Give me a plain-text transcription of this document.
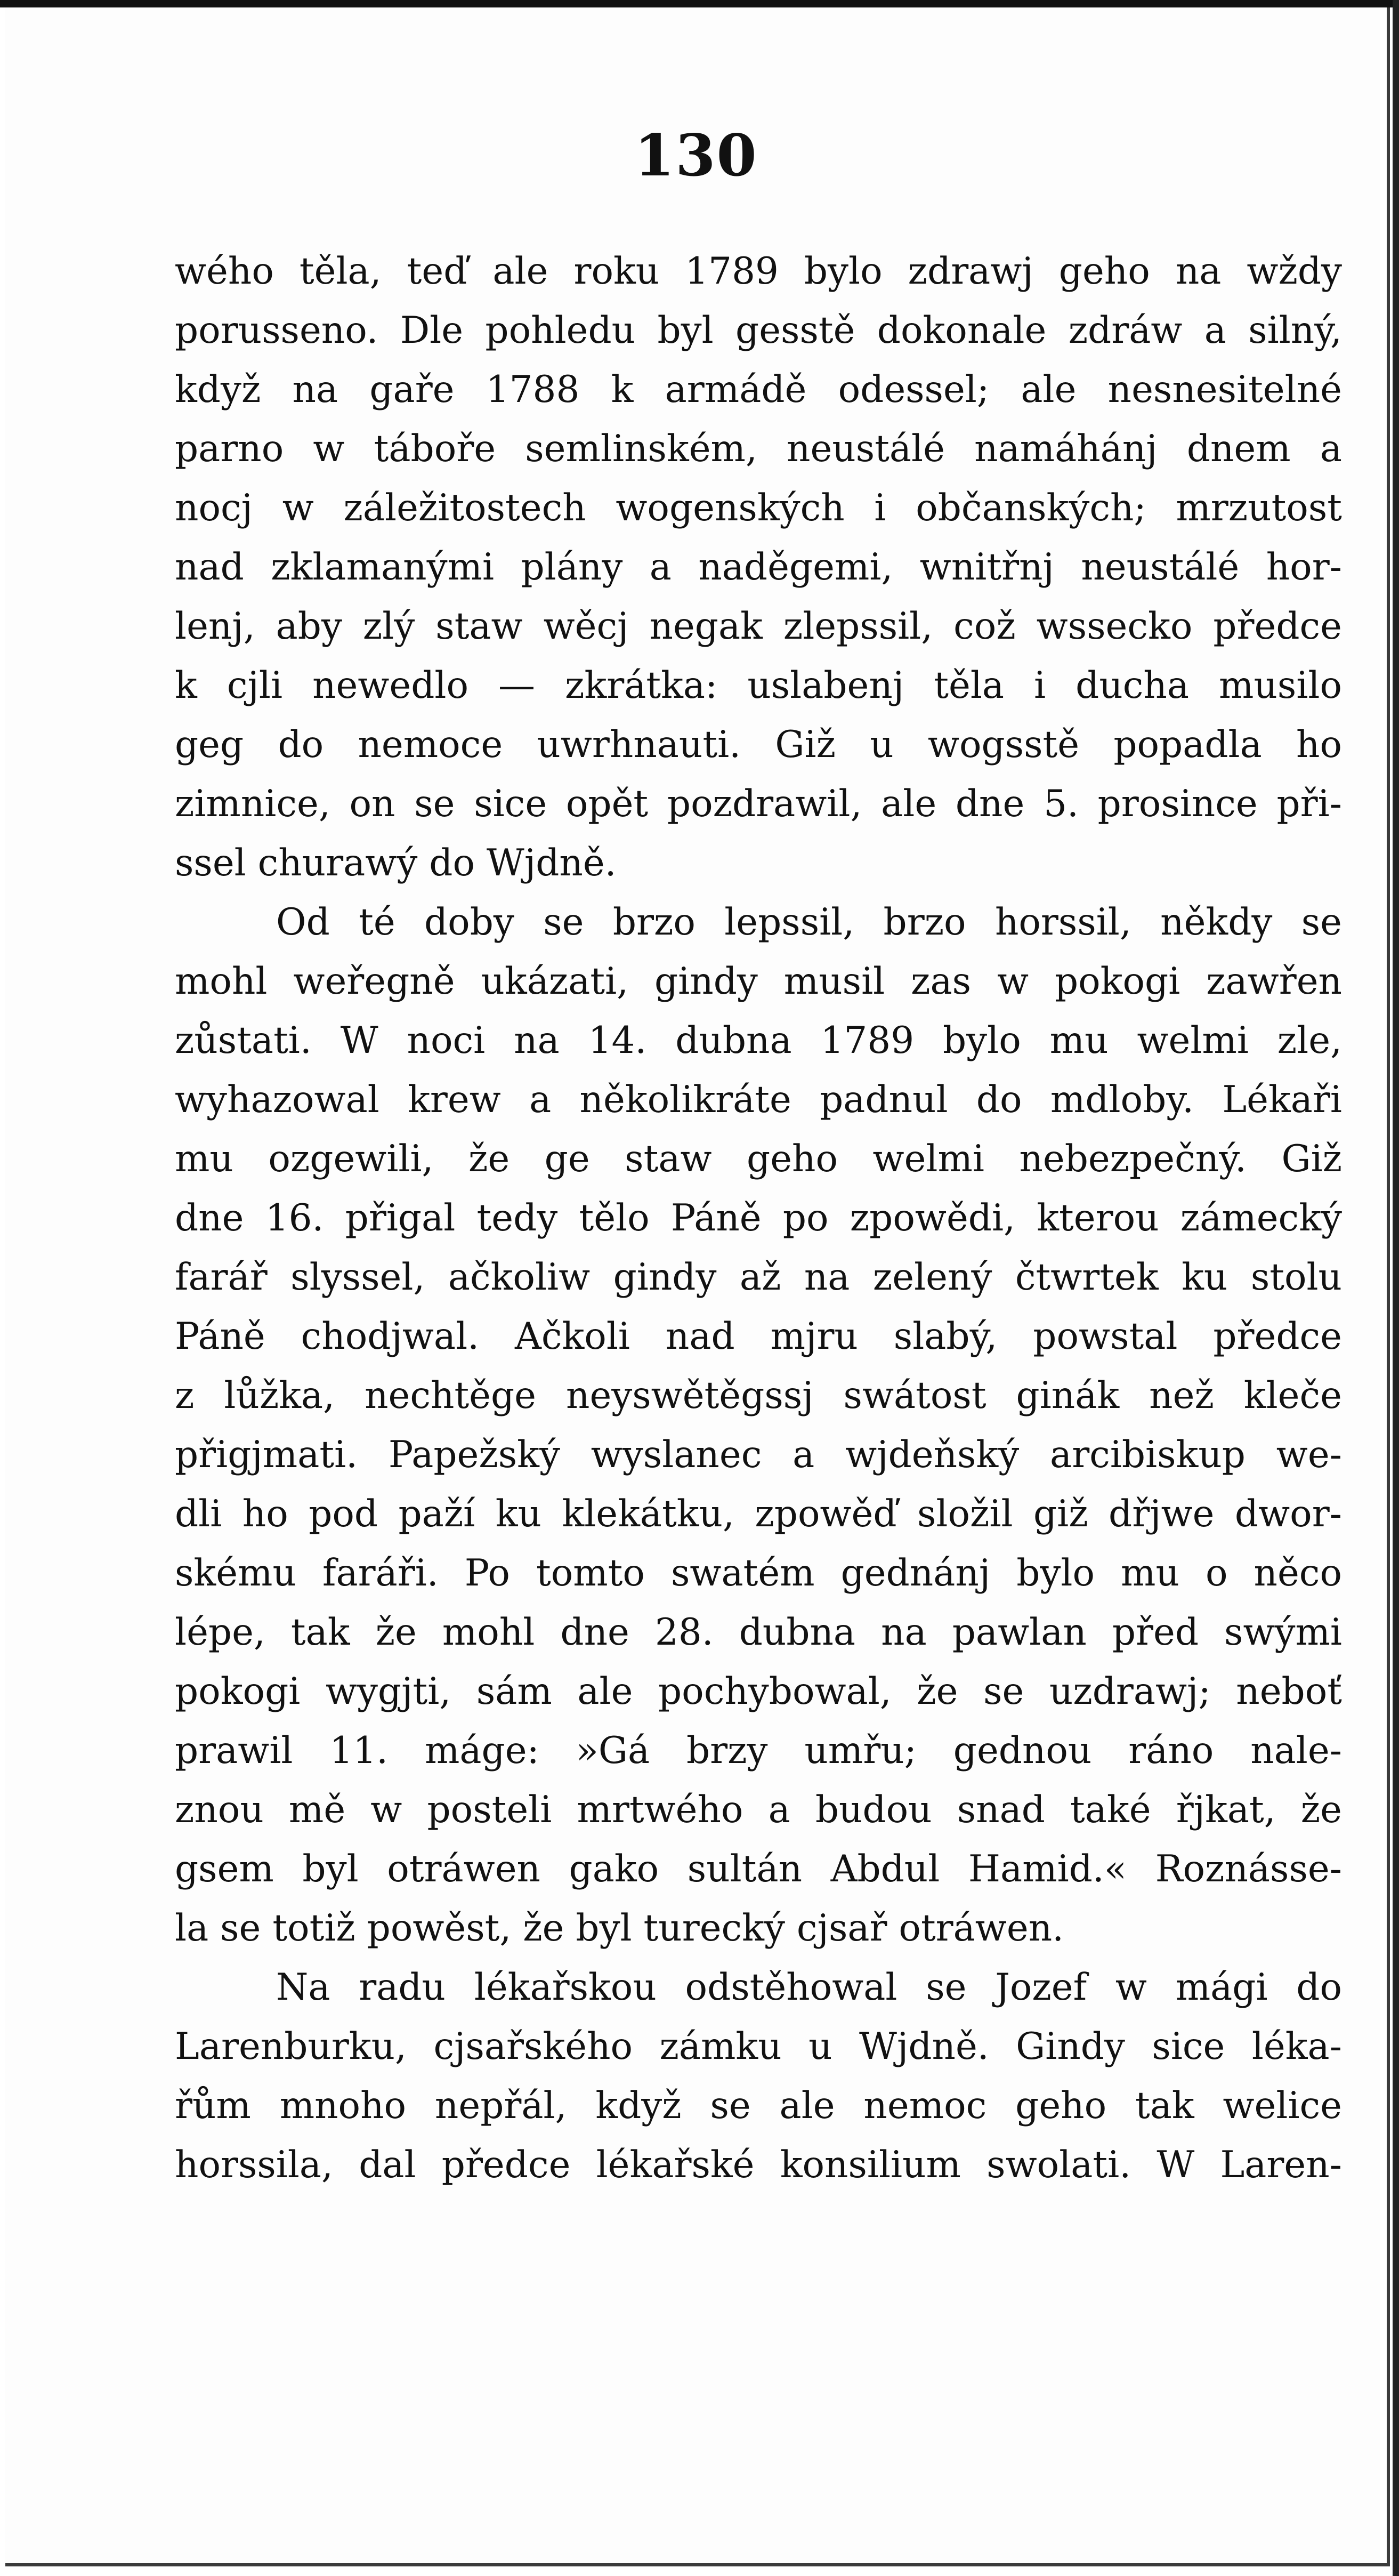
130
wého těla, teď ale roku 1789 bylo zdrawj geho na wždy
porusseno. Dle pohledu byl gesstě dokonale zdráw a silný,
když na gaře 1788 k armádě odessel; ale nesnesitelné
parno w táboře semlinském, neustálé namáhánj dnem a
nocj w záležitostech wogenských i občanských; mrzutost
nad zklamanými plány a naděgemi, wnitřnj neustálé hor-
lenj, aby zlý staw wěcj negak zlepssil, což wssecko předce
k cjli newedlo — zkrátka: uslabenj těla i ducha musilo
geg do nemoce uwrhnauti. Giž u wogsstě popadla ho
zimnice, on se sice opět pozdrawil, ale dne 5. prosince při-
ssel churawý do Wjdně.
Od té doby se brzo lepssil, brzo horssil, někdy se
mohl weřegně ukázati, gindy musil zas w pokogi zawřen
zůstati. W noci na 14. dubna 1789 bylo mu welmi zle,
wyhazowal krew a několikráte padnul do mdloby. Lékaři
mu ozgewili, že ge staw geho welmi nebezpečný. Giž
dne 16. přigal tedy tělo Páně po zpowědi, kterou zámecký
farář slyssel, ačkoliw gindy až na zelený čtwrtek ku stolu
Páně chodjwal. Ačkoli nad mjru slabý, powstal předce
z lůžka, nechtěge neyswětěgssj swátost ginák než kleče
přigjmati. Papežský wyslanec a wjdeňský arcibiskup we-
dli ho pod paží ku klekátku, zpowěď složil giž dřjwe dwor-
skému faráři. Po tomto swatém gednánj bylo mu o něco
lépe, tak že mohl dne 28. dubna na pawlan před swými
pokogi wygjti, sám ale pochybowal, že se uzdrawj; neboť
prawil 11. máge: »Gá brzy umřu; gednou ráno nale-
znou mě w posteli mrtwého a budou snad také řjkat, že
gsem byl otráwen gako sultán Abdul Hamid.« Roznásse-
la se totiž powěst, že byl turecký cjsař otráwen.
Na radu lékařskou odstěhowal se Jozef w mági do
Larenburku, cjsařského zámku u Wjdně. Gindy sice léka-
řům mnoho nepřál, když se ale nemoc geho tak welice
horssila, dal předce lékařské konsilium swolati. W Laren-
